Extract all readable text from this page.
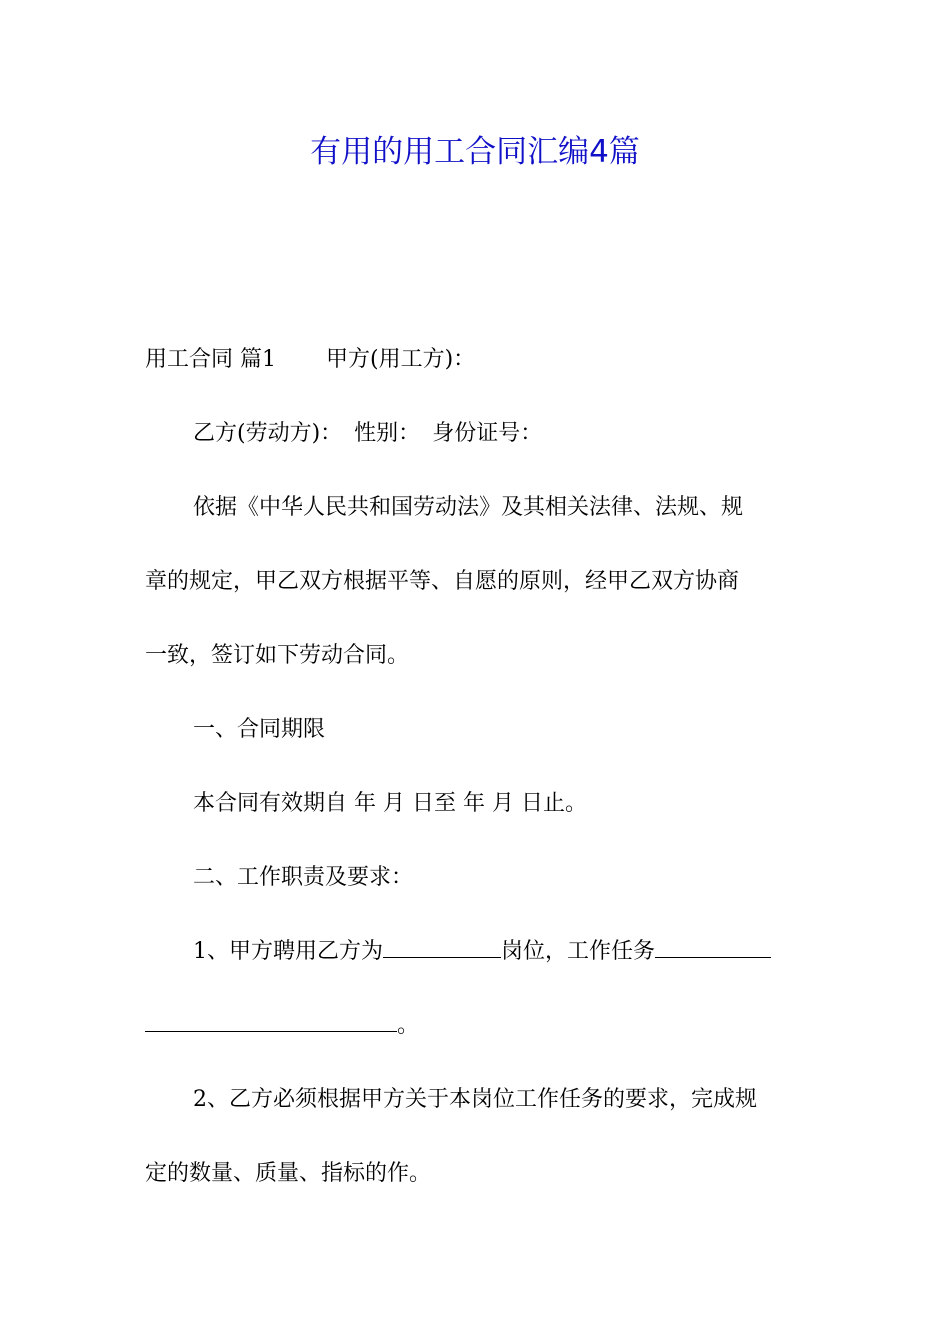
有用的用工合同汇编4篇
用工合同 篇1 甲方(用工方)：
乙方(劳动方)： 性别： 身份证号：
依据《中华人民共和国劳动法》及其相关法律、法规、规
章的规定，甲乙双方根据平等、自愿的原则，经甲乙双方协商
一致，签订如下劳动合同。
一、合同期限
本合同有效期自 年 月 日至 年 月 日止。
二、工作职责及要求：
1、甲方聘用乙方为	岗位，工作任务
。
2、乙方必须根据甲方关于本岗位工作任务的要求，完成规
定的数量、质量、指标的作。
